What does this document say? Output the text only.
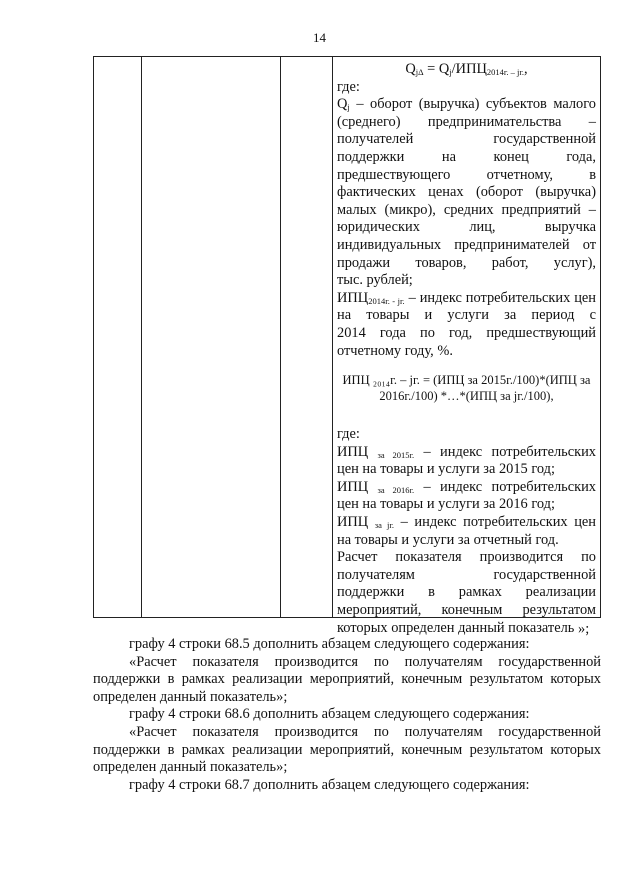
14

$Q_{j\Delta} = Q_j/ИПЦ_{2014г. - jг.}$,

где:

$Q_j$ – оборот (выручка) субъектов малого

(среднего) предпринимательства –

получателей государственной

поддержки на конец года,

предшествующего отчетному, в

фактических ценах (оборот (выручка)

малых (микро), средних предприятий –

юридических лиц, выручка

индивидуальных предпринимателей от

продажи товаров, работ, услуг),

тыс. рублей;

$ИПЦ_{2014г. - jг.}$ – индекс потребительских цен

на товары и услуги за период с

2014 года по год, предшествующий

отчетному году, %.

ИПЦ ₂₀₁₄г. – jг. = (ИПЦ за 2015г./100)*(ИПЦ за
2016г./100) *…*(ИПЦ за jг./100),

где:

ИПЦ $_{за 2015г.}$ – индекс потребительских

цен на товары и услуги за 2015 год;

ИПЦ $_{за 2016г.}$ – индекс потребительских

цен на товары и услуги за 2016 год;

ИПЦ $_{за jг.}$ – индекс потребительских цен

на товары и услуги за отчетный год.

Расчет показателя производится по

получателям государственной

поддержки в рамках реализации

мероприятий, конечным результатом

которых определен данный показатель »;

графу 4 строки 68.5 дополнить абзацем следующего содержания:

«Расчет показателя производится по получателям государственной поддержки в рамках реализации мероприятий, конечным результатом которых определен данный показатель»;

графу 4 строки 68.6 дополнить абзацем следующего содержания:

«Расчет показателя производится по получателям государственной поддержки в рамках реализации мероприятий, конечным результатом которых определен данный показатель»;

графу 4 строки 68.7 дополнить абзацем следующего содержания:
